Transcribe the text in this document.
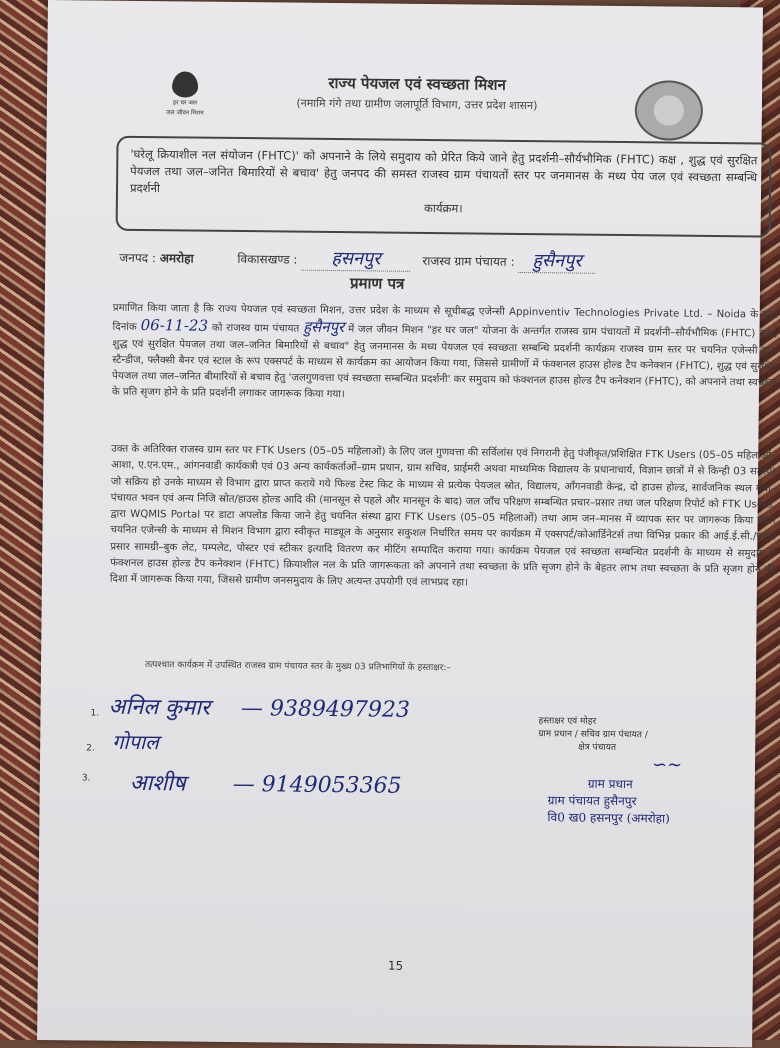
हर घर जल
जल जीवन मिशन
राज्य पेयजल एवं स्वच्छता मिशन
(नमामि गंगे तथा ग्रामीण जलापूर्ति विभाग, उत्तर प्रदेश शासन)
'घरेलू क्रियाशील नल संयोजन (FHTC)' को अपनाने के लिये समुदाय को प्रेरित किये जाने हेतु प्रदर्शनी–सौर्यभौमिक (FHTC) कक्ष , शुद्ध एवं सुरक्षित पेयजल तथा जल–जनित बिमारियों से बचाव' हेतु जनपद की समस्त राजस्व ग्राम पंचायतों स्तर पर जनमानस के मध्य पेय जल एवं स्वच्छता सम्बन्धि प्रदर्शनी
कार्यक्रम।
जनपद : अमरोहा	विकासखण्ड : हसनपुर	राजस्व ग्राम पंचायत : हुसैनपुर
प्रमाण पत्र
प्रमाणित किया जाता है कि राज्य पेयजल एवं स्वच्छता मिशन, उत्तर प्रदेश के माध्यम से सूचीबद्ध एजेन्सी Appinventiv Technologies Private Ltd. – Noida के द्वारा दिनांक 06-11-23 को राजस्व ग्राम पंचायत हुसैनपुर में जल जीवन मिशन "हर घर जल" योजना के अन्तर्गत राजस्व ग्राम पंचायतों में प्रदर्शनी–सौर्यभौमिक (FHTC) कक्ष, शुद्ध एवं सुरक्षित पेयजल तथा जल–जनित बिमारियों से बचाव" हेतु जनमानस के मध्य पेयजल एवं स्वच्छता सम्बन्धि प्रदर्शनी कार्यक्रम राजस्व ग्राम स्तर पर चयनित एजेन्सी द्वारा स्टैन्डीज, फ्लैक्सी बैनर एवं स्टाल के रूप एक्सपर्ट के माध्यम से कार्यक्रम का आयोजन किया गया, जिससे ग्रामीणों में फंक्शनल हाउस होल्ड टैप कनेक्शन (FHTC), शुद्ध एवं सुरक्षित पेयजल तथा जल–जनित बीमारियों से बचाव हेतु 'जलगुणवत्ता एवं स्वच्छता सम्बन्धित प्रदर्शनी' कर समुदाय को फंक्शनल हाउस होल्ड टैप कनेक्शन (FHTC), को अपनाने तथा स्वच्छता के प्रति सृजग होने के प्रति प्रदर्शनी लगाकर जागरूक किया गया।
उक्त के अतिरिक्त राजस्व ग्राम स्तर पर FTK Users (05–05 महिलाओं) के लिए जल गुणवत्ता की सर्विलांस एवं निगरानी हेतु पंजीकृत/प्रशिक्षित FTK Users (05–05 महिलाओं–आशा, ए.एन.एम., आंगनवाडी कार्यकत्री एवं 03 अन्य कार्यकर्ताओं–ग्राम प्रधान, ग्राम सचिव, प्राईमरी अथवा माध्यमिक विद्यालय के प्रधानाचार्य, विज्ञान छात्रों में से किन्ही 03 सदस्य) जो सक्रिय हो उनके माध्यम से विभाग द्वारा प्राप्त कराये गये फिल्ड टेस्ट किट के माध्यम से प्रत्येक पेयजल स्रोत, विद्यालय, आँगनवाडी केन्द्र, दो हाउस होल्ड, सार्वजनिक स्थल यथा–पंचायत भवन एवं अन्य निजि स्रोत/हाउस होल्ड आदि की (मानसून से पहले और मानसून के बाद) जल जाँच परिक्षण सम्बन्धित प्रचार–प्रसार तथा जल परिक्षण रिपोर्ट को FTK Users. द्वारा WQMIS Portal पर डाटा अपलोड किया जाने हेतु चयनित संस्था द्वारा FTK Users (05–05 महिलाओं) तथा आम जन–मानस में व्यापक स्तर पर जागरूक किया गया। चयनित एजेन्सी के माध्यम से मिशन विभाग द्वारा स्वीकृत माड्यूल के अनुसार सकुशल निर्धारित समय पर कार्यक्रम में एक्सपर्ट/कोआर्डिनेटर्स तथा विभिन्न प्रकार की आई.ई.सी./प्रचार प्रसार सामग्री–बुक लेट, पम्पलेट, पोस्टर एवं स्टीकर इत्यादि वितरण कर मीटिंग सम्पादित कराया गया। कार्यक्रम पेयजल एवं स्वच्छता सम्बन्धित प्रदर्शनी के माध्यम से समुदाय में फंक्शनल हाउस होल्ड टैप कनेक्शन (FHTC) क्रियाशील नल के प्रति जागरूकता को अपनाने तथा स्वच्छता के प्रति सृजग होने के बेहतर लाभ तथा स्वच्छता के प्रति सृजग होने की दिशा में जागरूक किया गया, जिससे ग्रामीण जनसमुदाय के लिए अत्यन्त उपयोगी एवं लाभप्रद रहा।
तत्पश्चात कार्यक्रम में उपस्थित राजस्व ग्राम पंचायत स्तर के मुख्य 03 प्रतिभागियों के हस्ताक्षर:–
1. अनिल कुमार — 9389497923
2. गोपाल
3. आशीष — 9149053365
हस्ताक्षर एवं मोहर
ग्राम प्रधान / सचिव ग्राम पंचायत /
क्षेत्र पंचायत
∽~
ग्राम प्रधान
ग्राम पंचायत हुसैनपुर
वि0 ख0 हसनपुर (अमरोहा)
15
